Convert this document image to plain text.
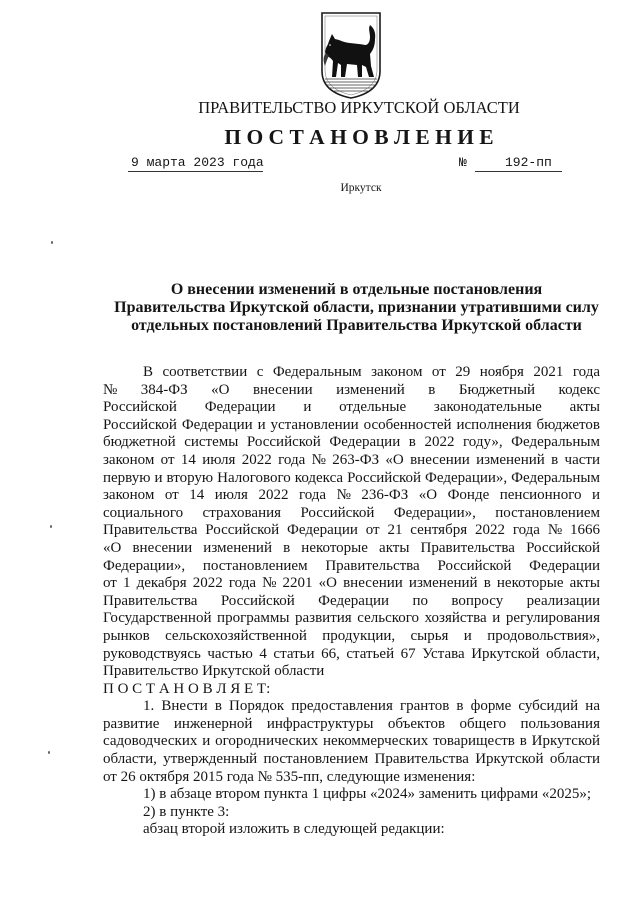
ПРАВИТЕЛЬСТВО ИРКУТСКОЙ ОБЛАСТИ
П О С Т А Н О В Л Е Н И Е
9 марта 2023 года	№	192-пп
Иркутск
О внесении изменений в отдельные постановления
Правительства Иркутской области, признании утратившими силу
отдельных постановлений Правительства Иркутской области
В соответствии с Федеральным законом от 29 ноября 2021 года
№ 384-ФЗ «О внесении изменений в Бюджетный кодекс
Российской Федерации и отдельные законодательные акты
Российской Федерации и установлении особенностей исполнения бюджетов
бюджетной системы Российской Федерации в 2022 году», Федеральным
законом от 14 июля 2022 года № 263-ФЗ «О внесении изменений в части
первую и вторую Налогового кодекса Российской Федерации», Федеральным
законом от 14 июля 2022 года № 236-ФЗ «О Фонде пенсионного и
социального страхования Российской Федерации», постановлением
Правительства Российской Федерации от 21 сентября 2022 года № 1666
«О внесении изменений в некоторые акты Правительства Российской
Федерации», постановлением Правительства Российской Федерации
от 1 декабря 2022 года № 2201 «О внесении изменений в некоторые акты
Правительства Российской Федерации по вопросу реализации
Государственной программы развития сельского хозяйства и регулирования
рынков сельскохозяйственной продукции, сырья и продовольствия»,
руководствуясь частью 4 статьи 66, статьей 67 Устава Иркутской области,
Правительство Иркутской области
П О С Т А Н О В Л Я Е Т:
1. Внести в Порядок предоставления грантов в форме субсидий на
развитие инженерной инфраструктуры объектов общего пользования
садоводческих и огороднических некоммерческих товариществ в Иркутской
области, утвержденный постановлением Правительства Иркутской области
от 26 октября 2015 года № 535-пп, следующие изменения:
1) в абзаце втором пункта 1 цифры «2024» заменить цифрами «2025»;
2) в пункте 3:
абзац второй изложить в следующей редакции:
